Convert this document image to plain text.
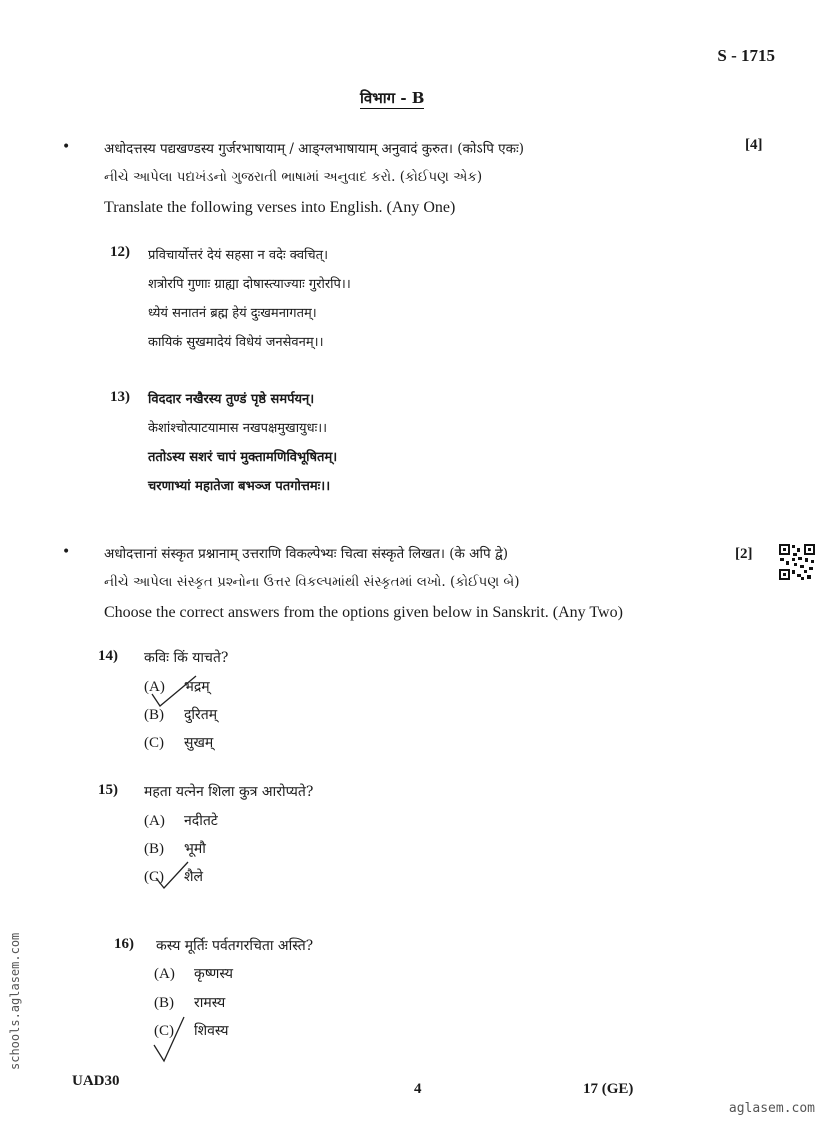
S - 1715
विभाग - B
• अधोदत्तस्य पद्यखण्डस्य गुर्जरभाषायाम् / आङ्ग्लभाषायाम् अनुवादं कुरुत। (कोऽपि एकः)	[4]
નીચે આપેલા પદ્યખંડનો ગુજરાતી ભાષામાં અનુવાદ કરો. (કોઈપણ એક)
Translate the following verses into English. (Any One)
12) प्रविचार्योत्तरं देयं सहसा न वदेः क्वचित्।
शत्रोरपि गुणाः ग्राह्या दोषास्त्याज्याः गुरोरपि।।
ध्येयं सनातनं ब्रह्म हेयं दुःखमनागतम्।
कायिकं सुखमादेयं विधेयं जनसेवनम्।।
13) विददार नखैरस्य तुण्डं पृष्ठे समर्पयन्।
केशांश्चोत्पाटयामास नखपक्षमुखायुधः।।
ततोऽस्य सशरं चापं मुक्तामणिविभूषितम्।
चरणाभ्यां महातेजा बभञ्ज पतगोत्तमः।।
• अधोदत्तानां संस्कृत प्रश्नानाम् उत्तराणि विकल्पेभ्यः चित्वा संस्कृते लिखत। (के अपि द्वे)	[2]
નીચે આપેલા સંસ્કૃત પ્રશ્નોના ઉત્તર વિકલ્પમાંથી સંસ્કૃતમાં લખો. (કોઈપણ બે)
Choose the correct answers from the options given below in Sanskrit. (Any Two)
14) कविः किं याचते?
(A) भद्रम्
(B) दुरितम्
(C) सुखम्
15) महता यत्नेन शिला कुत्र आरोप्यते?
(A) नदीतटे
(B) भूमौ
(C) शैले
16) कस्य मूर्तिः पर्वतगरचिता अस्ति?
(A) कृष्णस्य
(B) रामस्य
(C) शिवस्य
UAD30	4	17 (GE)
schools.aglasem.com
aglasem.com
